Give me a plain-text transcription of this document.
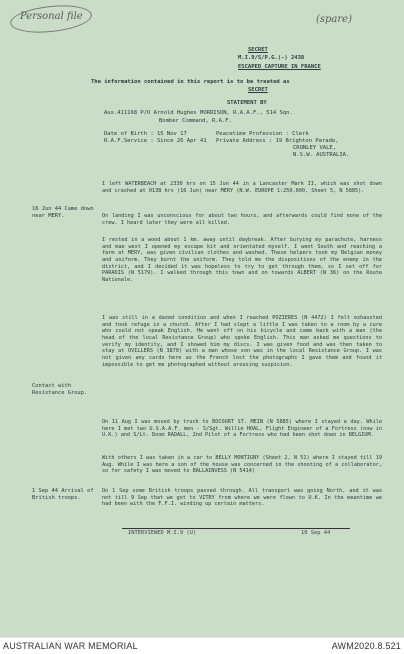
Personal file	(spare)
SECRET
M.I.9/S/P.G.(-) 2438
ESCAPED CAPTURE IN FRANCE
The information contained in this report is to be treated as
SECRET
STATEMENT BY
Aus.411168 P/O Arnold Hughes MORRISON, R.A.A.F., 514 Sqn.
Bomber Command, R.A.F.
Date of Birth : 15 Nov 17
R.A.F.Service : Since 26 Apr 41
Peacetime Profession : Clerk
Private Address : 19 Brighton Parade,
CRONLEY VALE,
N.S.W. AUSTRALIA.
I left WATERBEACH at 2330 hrs on 15 Jun 44 in a Lancaster Mark II, which was shot down and crashed at 0138 hrs (16 Jun) near MERY (N.W. EUROPE 1:250,000, Sheet 5, N 5885).
On landing I was unconscious for about two hours, and afterwards could find none of the crew. I heard later they were all killed.
I rested in a wood about 1 km. away until daybreak. After burying my parachute, harness and mae west I opened my escape kit and orientated myself. I went South and reaching a farm at MERY, was given civilian clothes and washed. These helpers took my Belgian money and uniform. They burnt the uniform. They told me the dispositions of the enemy in the district, and I decided it was hopeless to try to get through them, so I set off for PARADIS (N 5179). I walked through this town and on towards ALBERT (N 36) on the Route Nationale.
I was still in a dazed condition and when I reached POZIERES (N 4472) I felt exhausted and took refuge in a church. After I had slept a little I was taken to a room by a cure who could not speak English. He went off on his bicycle and came back with a man (the head of the local Resistance Group) who spoke English. This man asked me questions to verify my identity, and I showed him my discs. I was given food and was then taken to stay at OVILLERS (N 3870) with a man whose son was in the local Resistance Group. I was not given any cards here as the French lost the photographs I gave them and found it impossible to get me photographed without arousing suspicion.
On 11 Aug I was moved by truck to BOCOURT ST. MEIN (N 5885) where I stayed a day. While here I met two U.S.A.A.F. men - S/Sgt. Willie HOAL, Flight Engineer of a Fortress (now in U.K.) and S/Lt. Doom RADALL, 2nd Pilot of a Fortress who had been shot down in BELGIUM.
With others I was taken in a car to BELLY MONTIGNY (Sheet 2, N 51) where I stayed till 19 Aug. While I was here a son of the house was concerned in the shooting of a collaborator, so for safety I was moved to BALLAINVESS (N 5414)
On 1 Sep some British troops passed through. All transport was going North, and it was not till 9 Sep that we got to VITRY from where we were flown to U.K. In the meantime we had been with the F.F.I. winding up certain matters.
16 Jun 44 Came down near MERY.
Contact with Resistance Group.
1 Sep 44 Arrival of British troops.
INTERVIEWED M.I.9 (U)	10 Sep 44
AUSTRALIAN WAR MEMORIAL	AWM2020.8.521
